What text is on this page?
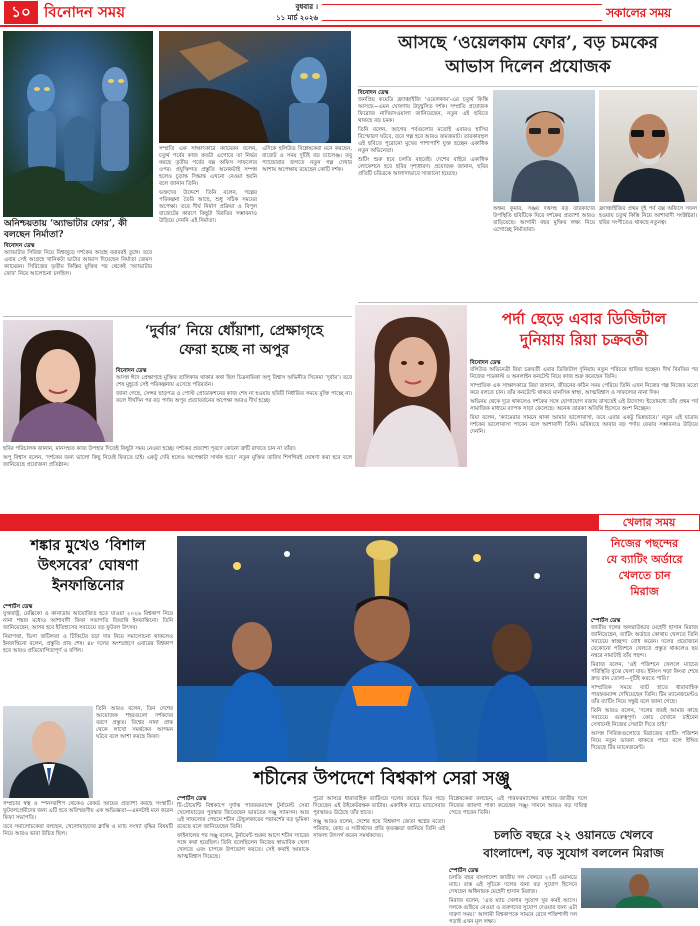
১০ বিনোদন সময়	বুধবার ।
১১ মার্চ ২০২৬	সকালের সময়
অনিশ্চয়তায় ‘অ্যাভাটার ফোর’, কী বলছেন নির্মাতা?
বিনোদন ডেস্ক

অ্যাভাটার সিরিজ নিয়ে বিশ্বজুড়ে দর্শকের আগ্রহ বরাবরই তুঙ্গে। তবে এবার সেই আগ্রহে খানিকটা ভাটার আভাস দিয়েছেন নির্মাতা জেমস ক্যামেরন। সিরিজের তৃতীয় কিস্তির মুক্তির পর থেকেই ‘অ্যাভাটার ফোর’ নিয়ে আলোচনা চলছিল।

সম্প্রতি এক সাক্ষাৎকারে ক্যামেরন বলেন, চতুর্থ পর্বের কাজ কতটা এগোবে তা নির্ভর করছে তৃতীয় পর্বের বক্স অফিস সাফল্যের ওপর। প্রযুক্তিগত প্রস্তুতি অনেকটাই সম্পন্ন হলেও চূড়ান্ত সিদ্ধান্ত এখনো নেওয়া হয়নি বলে জানান তিনি।

ভক্তদের উদ্দেশে তিনি বলেন, গল্পের পরিকল্পনা তৈরি আছে, শুধু সঠিক সময়ের অপেক্ষা। তবে দীর্ঘ নির্মাণ প্রক্রিয়া ও বিপুল বাজেটের কারণে কিছুটা বিরতির সম্ভাবনাও উড়িয়ে দেননি এই নির্মাতা।

এদিকে হলিউড বিশ্লেষকেরা মনে করছেন, বাজেট ও সময় দুটিই বড় চ্যালেঞ্জ। তবু প্যান্ডোরার জগতে নতুন গল্প দেখার আশায় অপেক্ষায় রয়েছেন কোটি দর্শক।

আসছে ‘ওয়েলকাম ফোর’, বড় চমকের
আভাস দিলেন প্রযোজক
বিনোদন ডেস্ক

জনপ্রিয় কমেডি ফ্র্যাঞ্চাইজি ‘ওয়েলকাম’-এর চতুর্থ কিস্তি আসছে—এমন ঘোষণায় উচ্ছ্বসিত দর্শক। সম্প্রতি প্রযোজক ফিরোজ নাদিয়াদওয়ালা জানিয়েছেন, নতুন এই ছবিতে থাকছে বড় চমক।

তিনি বলেন, আগের পর্বগুলোর মতোই এবারও হাসির বিস্ফোরণ ঘটবে, তবে গল্প হবে আরও জমজমাট। তারকাবহুল এই ছবিতে পুরোনো মুখের পাশাপাশি যুক্ত হচ্ছেন একাধিক নতুন অভিনেতা।

শুটিং শুরু হবে চলতি বছরেই। দেশের বাইরে একাধিক লোকেশনে হবে ছবির দৃশ্যধারণ। প্রযোজক জানান, ছবির প্রতিটি চরিত্রকে আলাদাভাবে সাজানো হয়েছে।

অক্ষয় কুমার, সঞ্জয় দত্তসহ বড় তারকাদের উপস্থিতি ছবিটিকে ঘিরে দর্শকের প্রত্যাশা আরও বাড়িয়েছে। আগামী বছর মুক্তির লক্ষ্য নিয়ে এগোচ্ছে নির্মাতারা।

ফ্র্যাঞ্চাইজির প্রথম দুই পর্ব বক্স অফিসে সফল হওয়ায় চতুর্থ কিস্তি নিয়ে আশাবাদী সংশ্লিষ্টরা। ছবির সংগীতেও থাকছে নতুনত্ব।

পর্দা ছেড়ে এবার ডিজিটাল
দুনিয়ায় রিয়া চক্রবর্তী
বিনোদন ডেস্ক

বলিউড অভিনেত্রী রিয়া চক্রবর্তী এবার ডিজিটাল দুনিয়ায় নতুন পরিচয়ে হাজির হচ্ছেন। দীর্ঘ বিরতির পর নিজের পডকাস্ট ও অনলাইন কনটেন্ট নিয়ে কাজ শুরু করেছেন তিনি।

সাম্প্রতিক এক সাক্ষাৎকারে রিয়া জানান, জীবনের কঠিন সময় পেরিয়ে তিনি এখন নিজের গল্প নিজের মতো করে বলতে চান। তাঁর কনটেন্টে থাকবে মানসিক স্বাস্থ্য, আত্মবিশ্বাস ও সাফল্যের নানা দিক।

অভিনয় থেকে দূরে থাকলেও দর্শকের সঙ্গে যোগাযোগ বজায় রাখতেই এই উদ্যোগ। ইতোমধ্যে তাঁর প্রথম পর্ব সামাজিক মাধ্যমে ব্যাপক সাড়া ফেলেছে। অনেক তারকা অতিথি হিসেবে অংশ নিচ্ছেন।

রিয়া বলেন, ‘ক্যামেরার সামনে থাকা আমার ভালোবাসা, তবে এবার একটু ভিন্নভাবে।’ নতুন এই যাত্রায় দর্শকের ভালোবাসা পাবেন বলে আশাবাদী তিনি। ভবিষ্যতে আবার বড় পর্দায় ফেরার সম্ভাবনাও উড়িয়ে দেননি।

‘দুর্বার’ নিয়ে ধোঁয়াশা, প্রেক্ষাগৃহে
ফেরা হচ্ছে না অপুর
বিনোদন ডেস্ক

আসন্ন ঈদে প্রেক্ষাগৃহে মুক্তির তালিকায় থাকার কথা ছিল চিত্রনায়িকা অপু বিশ্বাস অভিনীত সিনেমা ‘দুর্বার’। তবে শেষ মুহূর্তে সেই পরিকল্পনায় এসেছে পরিবর্তন।

জানা গেছে, সেন্সর ছাড়পত্র ও পোস্ট প্রোডাকশনের কাজ শেষ না হওয়ায় ছবিটি নির্ধারিত সময়ে মুক্তি পাচ্ছে না। ফলে দীর্ঘদিন পর বড় পর্দায় অপুর প্রত্যাবর্তনের অপেক্ষা আরও দীর্ঘ হচ্ছে।

ছবির পরিচালক জানান, মানসম্মত কাজ উপহার দিতেই কিছুটা সময় নেওয়া হচ্ছে। দর্শকের প্রত্যাশা পূরণে কোনো ত্রুটি রাখতে চান না তাঁরা।

অপু বিশ্বাস বলেন, ‘দর্শকের জন্য ভালো কিছু নিয়েই ফিরতে চাই। একটু দেরি হলেও অপেক্ষাটা সার্থক হবে।’ নতুন মুক্তির তারিখ শিগগিরই ঘোষণা করা হবে বলে জানিয়েছে প্রযোজনা প্রতিষ্ঠান।

খেলার সময়
শঙ্কার মুখেও ‘বিশাল
উৎসবের’ ঘোষণা
ইনফান্তিনোর
স্পোর্টস ডেস্ক

যুক্তরাষ্ট্র, মেক্সিকো ও কানাডায় আয়োজিত হতে যাওয়া ২০২৬ বিশ্বকাপ নিয়ে নানা শঙ্কার মধ্যেও আশাবাদী ফিফা সভাপতি জিয়ান্নি ইনফান্তিনো। তিনি জানিয়েছেন, আসর হবে ইতিহাসের সবচেয়ে বড় ফুটবল উৎসব।

নিরাপত্তা, ভিসা জটিলতা ও টিকিটের চড়া দাম নিয়ে সমালোচনা থাকলেও ইনফান্তিনো বলেন, প্রস্তুতি প্রায় শেষ। ৪৮ দলের অংশগ্রহণে এবারের বিশ্বকাপ হবে আরও প্রতিযোগিতাপূর্ণ ও বর্ণিল।

তিনি আরও বলেন, তিন দেশের আয়োজক শহরগুলো দর্শকদের বরণে প্রস্তুত। বিশ্বের নানা প্রান্ত থেকে লাখো সমর্থকের আগমন ঘটবে বলে আশা করছে ফিফা।

সম্প্রচার স্বত্ব ও স্পনসরশিপ থেকেও রেকর্ড আয়ের প্রত্যাশা করছে সংস্থাটি। ফুটবলপ্রেমীদের জন্য এটি হবে অবিস্মরণীয় এক অভিজ্ঞতা—এমনটাই মনে করেন ফিফা সভাপতি।

তবে সমালোচকেরা বলছেন, খেলোয়াড়দের ক্লান্তি ও ম্যাচ সংখ্যা বৃদ্ধির বিষয়টি নিয়ে আরও ভাবা উচিত ছিল।

শচীনের উপদেশে বিশ্বকাপ সেরা সঞ্জু
স্পোর্টস ডেস্ক

টি-টোয়েন্টি বিশ্বকাপে দুর্দান্ত পারফরম্যান্সে টুর্নামেন্ট সেরা খেলোয়াড়ের পুরস্কার জিতেছেন ভারতের সঞ্জু স্যামসন। আর এই সাফল্যের পেছনে শচীন টেন্ডুলকারের পরামর্শের বড় ভূমিকা রয়েছে বলে জানিয়েছেন তিনি।

ফাইনালের পর সঞ্জু বলেন, টুর্নামেন্ট শুরুর আগে শচীন স্যারের সঙ্গে কথা হয়েছিল। তিনি বলেছিলেন নিজের স্বাভাবিক খেলা খেলতে এবং চাপকে উপভোগ করতে। সেই কথাই আমাকে আত্মবিশ্বাস দিয়েছে।

পুরো আসরে ধারাবাহিক ব্যাটিংয়ে দলের জয়ের ভিত গড়ে দিয়েছেন এই উইকেটরক্ষক ব্যাটার। একাধিক ম্যাচে ম্যাচসেরার পুরস্কারও উঠেছে তাঁর হাতে।

সঞ্জু আরও বলেন, দেশের হয়ে বিশ্বকাপ জেতা স্বপ্নের মতো। পরিবার, কোচ ও সতীর্থদের প্রতি কৃতজ্ঞতা জানিয়ে তিনি এই সাফল্য উৎসর্গ করেন সমর্থকদের।

বিশ্লেষকেরা বলছেন, এই পারফরম্যান্সের মাধ্যমে জাতীয় দলে নিজের জায়গা পাকা করেছেন সঞ্জু। সামনে আরও বড় দায়িত্ব পেতে পারেন তিনি।

নিজের পছন্দের
যে ব্যাটিং অর্ডারে
খেলতে চান
মিরাজ
স্পোর্টস ডেস্ক

জাতীয় দলের অলরাউন্ডার মেহেদী হাসান মিরাজ জানিয়েছেন, ব্যাটিং অর্ডারে কোথায় খেলতে তিনি সবচেয়ে স্বাচ্ছন্দ্য বোধ করেন। দলের প্রয়োজনে যেকোনো পজিশনে খেলতে প্রস্তুত থাকলেও ছয় নম্বরে নামাটাই তাঁর পছন্দ।

মিরাজ বলেন, ‘ওই পজিশনে খেললে ম্যাচের পরিস্থিতি বুঝে খেলা যায়। ইনিংস গড়া কিংবা শেষে দ্রুত রান তোলা—দুটিই করতে পারি।’

সাম্প্রতিক সময়ে ব্যাট হাতে ধারাবাহিক পারফরম্যান্স দেখিয়েছেন তিনি। টিম ম্যানেজমেন্টও তাঁর ব্যাটিং নিয়ে সন্তুষ্ট বলে জানা গেছে।

তিনি আরও বলেন, ‘দলের জয়ই আমার কাছে সবচেয়ে গুরুত্বপূর্ণ। কোচ যেখানে চাইবেন সেখানেই নিজের সেরাটা দিতে চাই।’

আসন্ন সিরিজগুলোতে মিরাজের ব্যাটিং পজিশন নিয়ে নতুন ভাবনা থাকতে পারে বলে ইঙ্গিত দিয়েছে টিম ম্যানেজমেন্ট।

চলতি বছরে ২২ ওয়ানডে খেলবে
বাংলাদেশ, বড় সুযোগ বললেন মিরাজ
স্পোর্টস ডেস্ক

চলতি বছর বাংলাদেশ জাতীয় দল খেলবে ২২টি ওয়ানডে ম্যাচ। ব্যস্ত এই সূচিকে দলের জন্য বড় সুযোগ হিসেবে দেখছেন অধিনায়ক মেহেদী হাসান মিরাজ।

মিরাজ বলেন, ‘এত ম্যাচ খেলার সুযোগ খুব কমই আসে। দলকে গুছিয়ে নেওয়া ও তরুণদের সুযোগ দেওয়ার জন্য এটা দারুণ সময়।’ আগামী বিশ্বকাপকে সামনে রেখে শক্তিশালী দল গড়াই এখন মূল লক্ষ্য।
